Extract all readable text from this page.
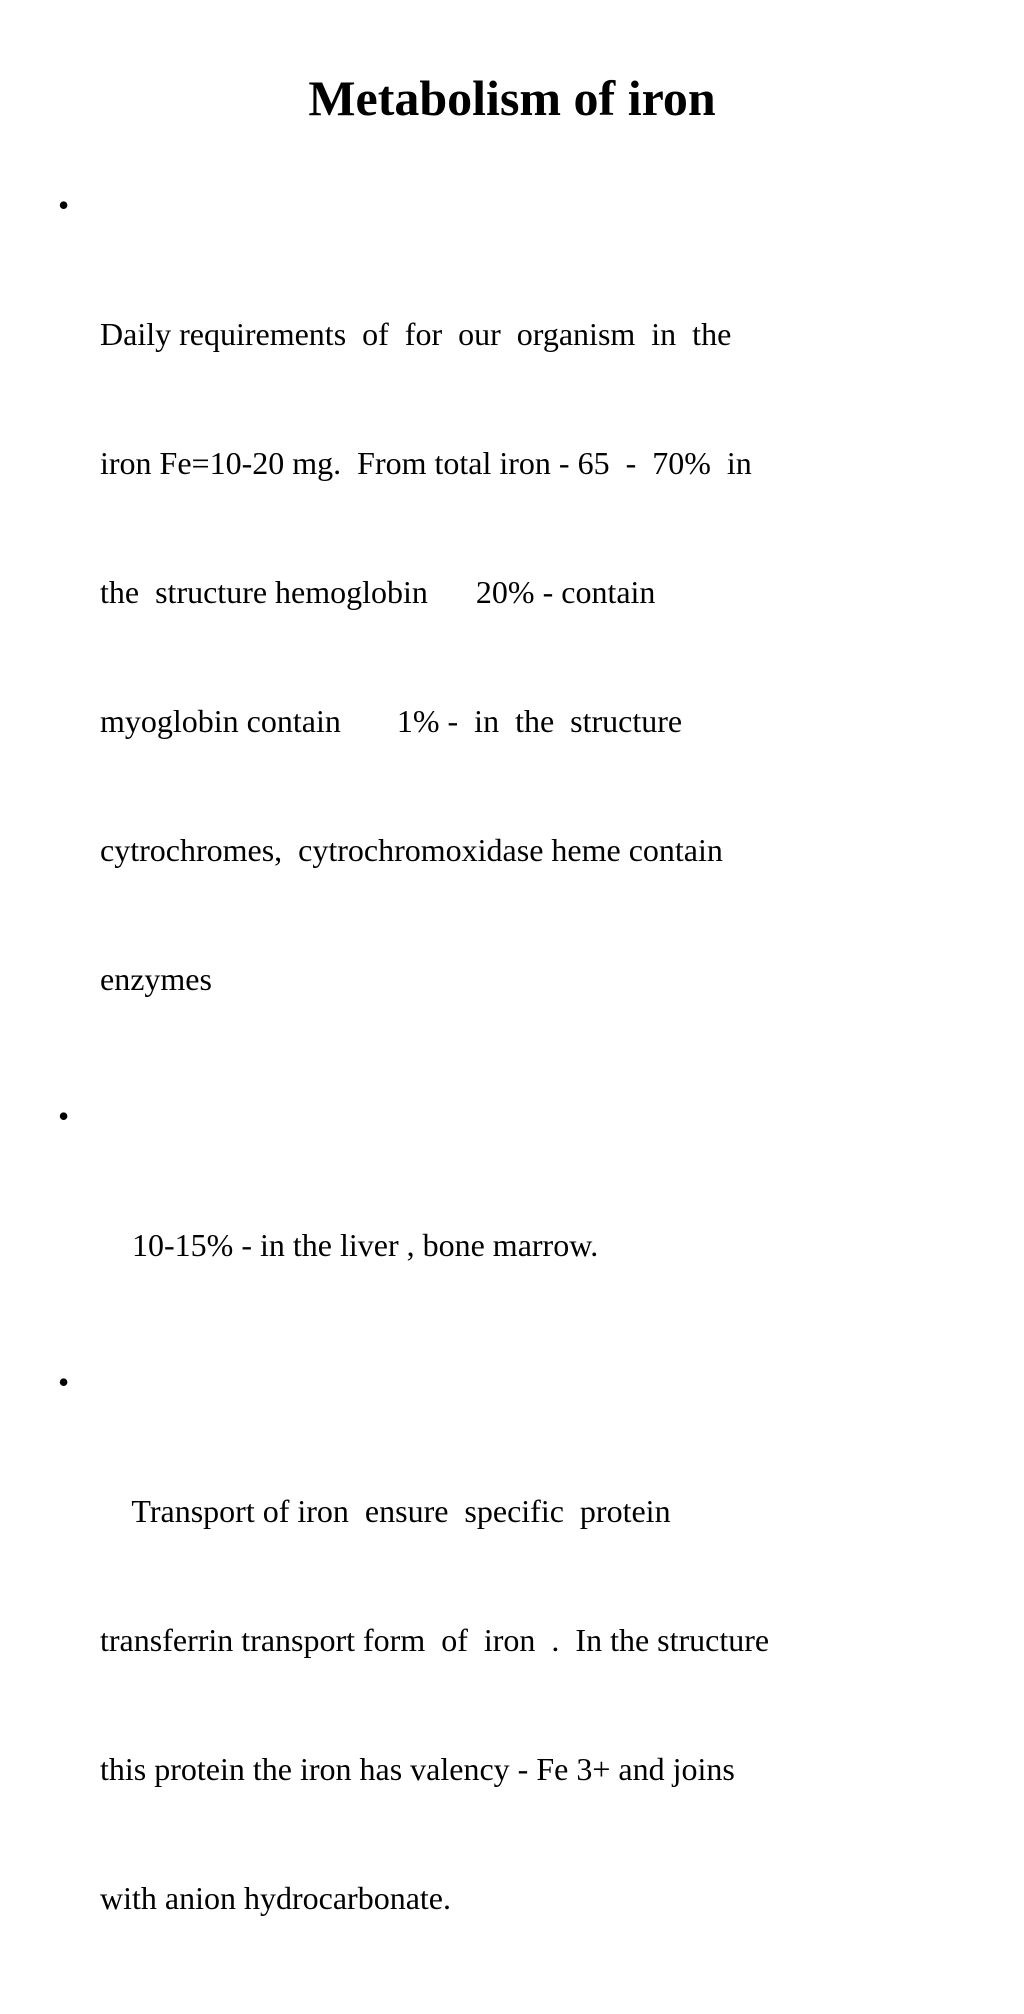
Metabolism of iron

•

Daily requirements  of  for  our  organism  in  the

iron Fe=10-20 mg.  From total iron - 65  -  70%  in

the  structure hemoglobin      20% - contain

myoglobin contain       1% -  in  the  structure

cytrochromes,  cytrochromoxidase heme contain

enzymes

•

10-15% - in the liver , bone marrow.

•

Transport of iron  ensure  specific  protein

transferrin transport form  of  iron  .  In the structure

this protein the iron has valency - Fe 3+ and joins

with anion hydrocarbonate.
